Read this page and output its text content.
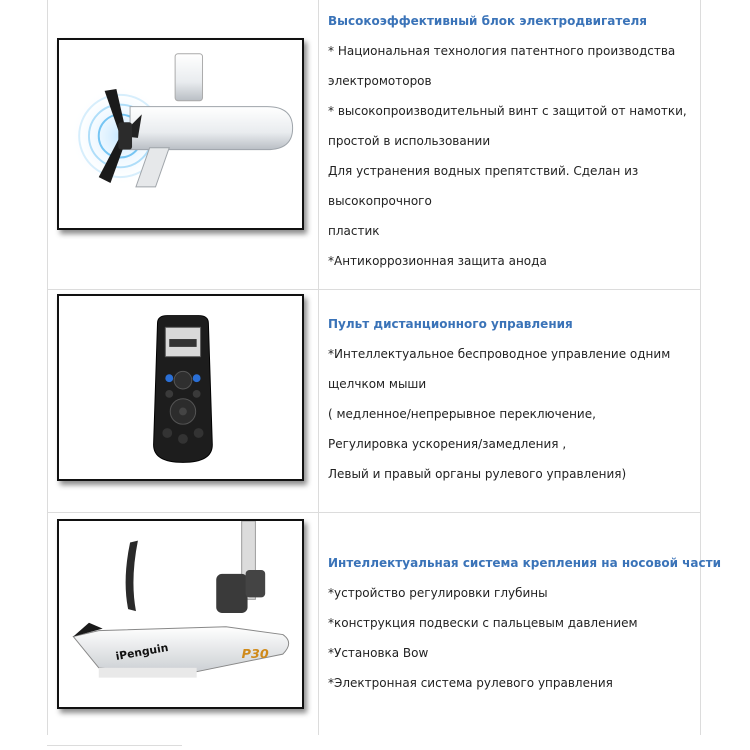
Высокоэффективный блок электродвигателя

* Национальная технология патентного производства

электромоторов

* высокопроизводительный винт с защитой от намотки,

простой в использовании

Для устранения водных препятствий. Сделан из

высокопрочного

пластик

*Антикоррозионная защита анода

Пульт дистанционного управления

*Интеллектуальное беспроводное управление одним

щелчком мыши

( медленное/непрерывное переключение,

Регулировка ускорения/замедления ,

Левый и правый органы рулевого управления)

iPenguin	P30

Интеллектуальная система крепления на носовой части

*устройство регулировки глубины

*конструкция подвески с пальцевым давлением

*Установка Bow

*Электронная система рулевого управления
